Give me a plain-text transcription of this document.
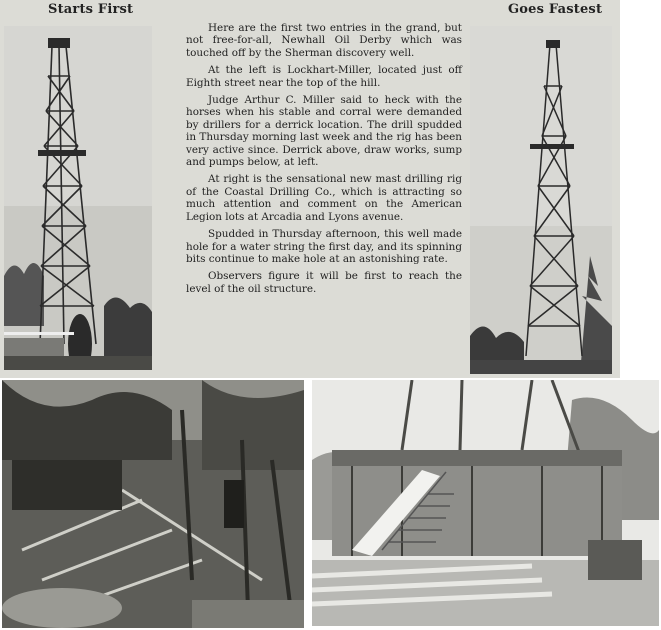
Starts First	Goes Fastest

Here are the first two entries in the grand, but not free-for-all, Newhall Oil Derby which was touched off by the Sherman discovery well.

At the left is Lockhart-Miller, located just off Eighth street near the top of the hill.

Judge Arthur C. Miller said to heck with the horses when his stable and corral were demanded by drillers for a derrick location. The drill spudded in Thursday morning last week and the rig has been very active since. Derrick above, draw works, sump and pumps below, at left.

At right is the sensational new mast drilling rig of the Coastal Drilling Co., which is attracting so much attention and comment on the American Legion lots at Arcadia and Lyons avenue.

Spudded in Thursday afternoon, this well made hole for a water string the first day, and its spinning bits continue to make hole at an astonishing rate.

Observers figure it will be first to reach the level of the oil structure.
